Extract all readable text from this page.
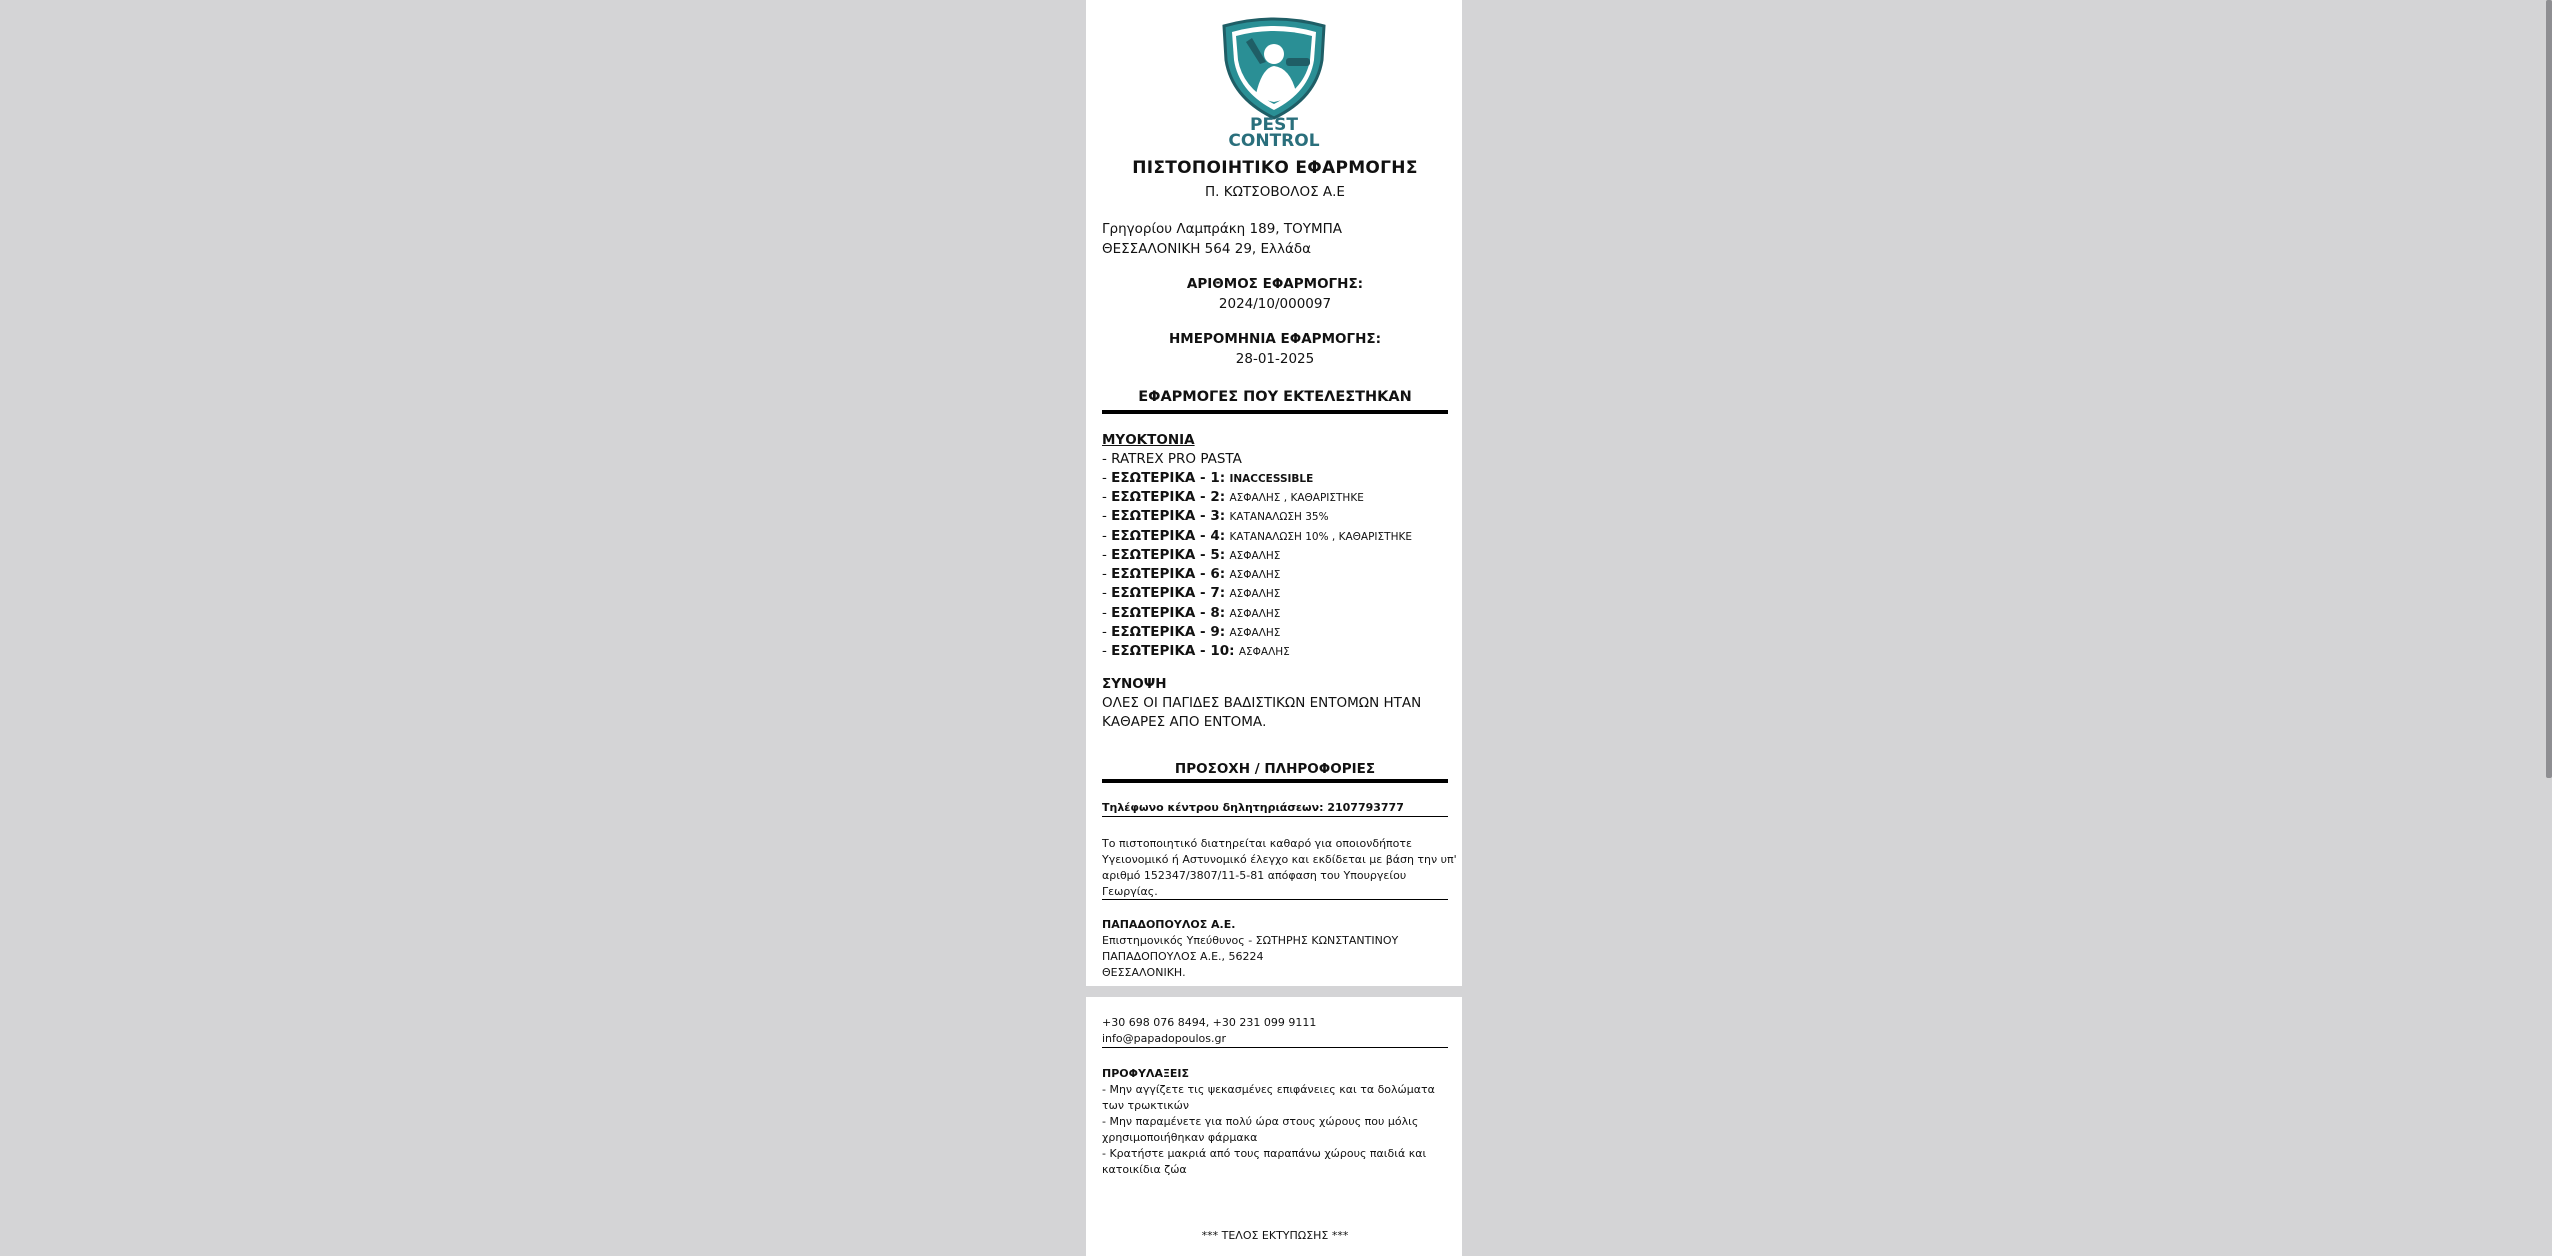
PEST
CONTROL
ΠΙΣΤΟΠΟΙΗΤΙΚΟ ΕΦΑΡΜΟΓΗΣ
Π. ΚΩΤΣΟΒΟΛΟΣ Α.Ε
Γρηγορίου Λαμπράκη 189, ΤΟΥΜΠΑ
ΘΕΣΣΑΛΟΝΙΚΗ 564 29, Ελλάδα
ΑΡΙΘΜΟΣ ΕΦΑΡΜΟΓΗΣ:
2024/10/000097
ΗΜΕΡΟΜΗΝΙΑ ΕΦΑΡΜΟΓΗΣ:
28-01-2025
ΕΦΑΡΜΟΓΕΣ ΠΟΥ ΕΚΤΕΛΕΣΤΗΚΑΝ
ΜΥΟΚΤΟΝΙΑ
- RATREX PRO PASTA
- ΕΣΩΤΕΡΙΚΑ - 1: INACCESSIBLE
- ΕΣΩΤΕΡΙΚΑ - 2: ΑΣΦΑΛΗΣ , ΚΑΘΑΡΙΣΤΗΚΕ
- ΕΣΩΤΕΡΙΚΑ - 3: ΚΑΤΑΝΑΛΩΣΗ 35%
- ΕΣΩΤΕΡΙΚΑ - 4: ΚΑΤΑΝΑΛΩΣΗ 10% , ΚΑΘΑΡΙΣΤΗΚΕ
- ΕΣΩΤΕΡΙΚΑ - 5: ΑΣΦΑΛΗΣ
- ΕΣΩΤΕΡΙΚΑ - 6: ΑΣΦΑΛΗΣ
- ΕΣΩΤΕΡΙΚΑ - 7: ΑΣΦΑΛΗΣ
- ΕΣΩΤΕΡΙΚΑ - 8: ΑΣΦΑΛΗΣ
- ΕΣΩΤΕΡΙΚΑ - 9: ΑΣΦΑΛΗΣ
- ΕΣΩΤΕΡΙΚΑ - 10: ΑΣΦΑΛΗΣ
ΣΥΝΟΨΗ
ΟΛΕΣ ΟΙ ΠΑΓΙΔΕΣ ΒΑΔΙΣΤΙΚΩΝ ΕΝΤΟΜΩΝ ΗΤΑΝ
ΚΑΘΑΡΕΣ ΑΠΟ ΕΝΤΟΜΑ.
ΠΡΟΣΟΧΗ / ΠΛΗΡΟΦΟΡΙΕΣ
Τηλέφωνο κέντρου δηλητηριάσεων: 2107793777
Το πιστοποιητικό διατηρείται καθαρό για οποιονδήποτε
Υγειονομικό ή Αστυνομικό έλεγχο και εκδίδεται με βάση την υπ'
αριθμό 152347/3807/11-5-81 απόφαση του Υπουργείου
Γεωργίας.
ΠΑΠΑΔΟΠΟΥΛΟΣ Α.Ε.
Επιστημονικός Υπεύθυνος - ΣΩΤΗΡΗΣ ΚΩΝΣΤΑΝΤΙΝΟΥ
ΠΑΠΑΔΟΠΟΥΛΟΣ Α.Ε., 56224
ΘΕΣΣΑΛΟΝΙΚΗ.
+30 698 076 8494, +30 231 099 9111
info@papadopoulos.gr
ΠΡΟΦΥΛΑΞΕΙΣ
- Μην αγγίζετε τις ψεκασμένες επιφάνειες και τα δολώματα
των τρωκτικών
- Μην παραμένετε για πολύ ώρα στους χώρους που μόλις
χρησιμοποιήθηκαν φάρμακα
- Κρατήστε μακριά από τους παραπάνω χώρους παιδιά και
κατοικίδια ζώα
*** ΤΕΛΟΣ ΕΚΤΥΠΩΣΗΣ ***
